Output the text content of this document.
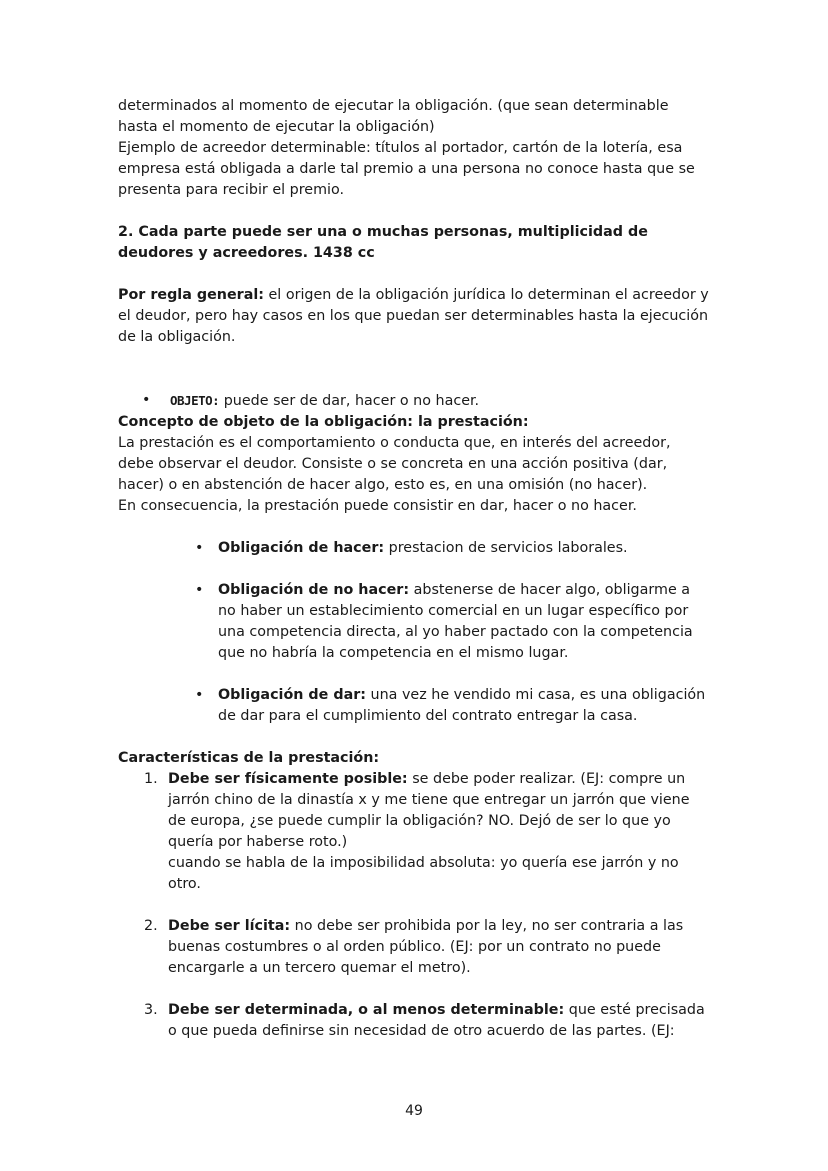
determinados al momento de ejecutar la obligación. (que sean determinable hasta el momento de ejecutar la obligación)

Ejemplo de acreedor determinable: títulos al portador, cartón de la lotería, esa empresa está obligada a darle tal premio a una persona no conoce hasta que se presenta para recibir el premio.

2. Cada parte puede ser una o muchas personas, multiplicidad de deudores y acreedores. 1438 cc

Por regla general: el origen de la obligación jurídica lo determinan el acreedor y el deudor, pero hay casos en los que puedan ser determinables hasta la ejecución de la obligación.

• OBJETO: puede ser de dar, hacer o no hacer.

Concepto de objeto de la obligación: la prestación:

La prestación es el comportamiento o conducta que, en interés del acreedor, debe observar el deudor. Consiste o se concreta en una acción positiva (dar, hacer) o en abstención de hacer algo, esto es, en una omisión (no hacer).

En consecuencia, la prestación puede consistir en dar, hacer o no hacer.

• Obligación de hacer: prestacion de servicios laborales.
• Obligación de no hacer: abstenerse de hacer algo, obligarme a no haber un establecimiento comercial en un lugar específico por una competencia directa, al yo haber pactado con la competencia que no habría la competencia en el mismo lugar.
• Obligación de dar: una vez he vendido mi casa, es una obligación de dar para el cumplimiento del contrato entregar la casa.

Características de la prestación:

1. Debe ser físicamente posible: se debe poder realizar. (EJ: compre un jarrón chino de la dinastía x y me tiene que entregar un jarrón que viene de europa, ¿se puede cumplir la obligación? NO. Dejó de ser lo que yo quería por haberse roto.)

cuando se habla de la imposibilidad absoluta: yo quería ese jarrón y no otro.

2. Debe ser lícita: no debe ser prohibida por la ley, no ser contraria a las buenas costumbres o al orden público. (EJ: por un contrato no puede encargarle a un tercero quemar el metro).
3. Debe ser determinada, o al menos determinable: que esté precisada o que pueda definirse sin necesidad de otro acuerdo de las partes. (EJ:
49
